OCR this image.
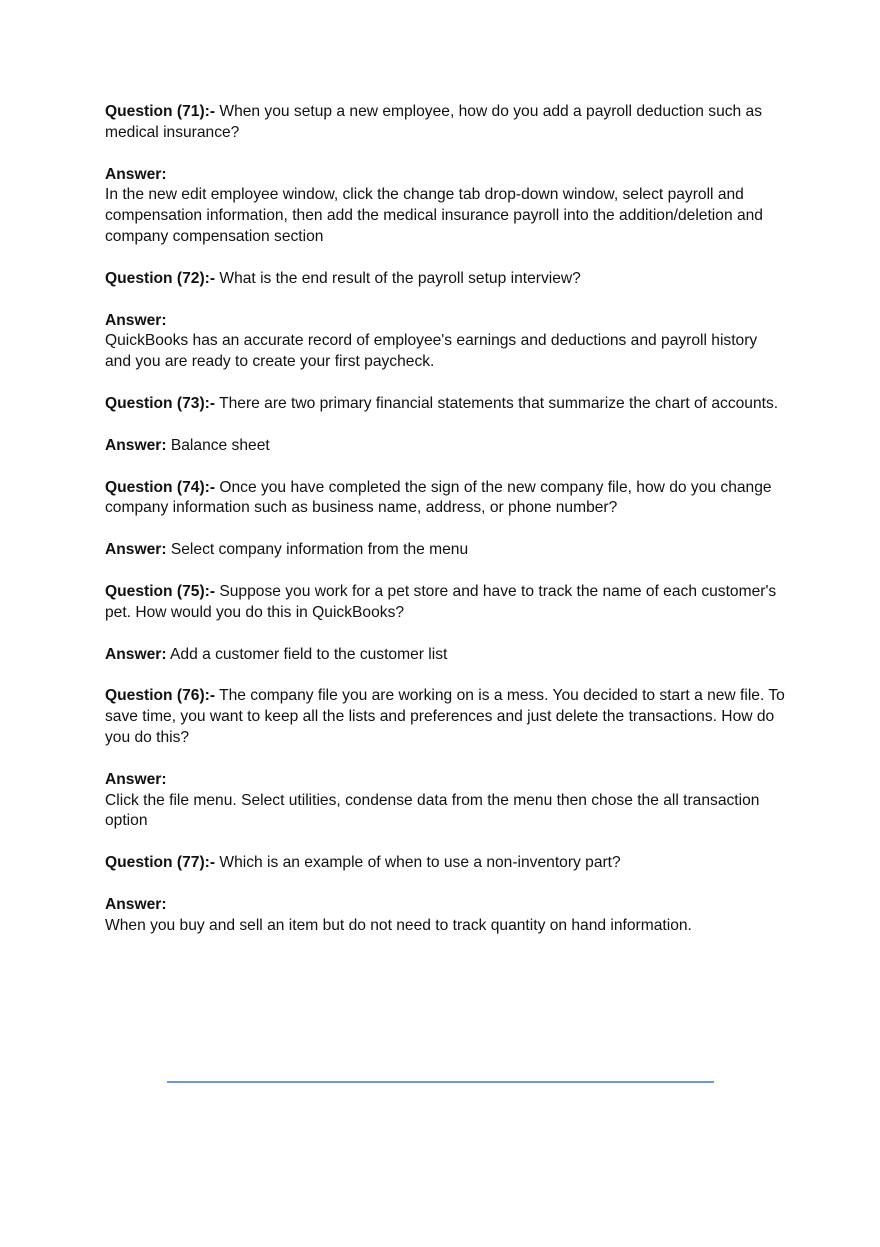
Question (71):- When you setup a new employee, how do you add a payroll deduction such as medical insurance?

Answer:

In the new edit employee window, click the change tab drop-down window, select payroll and compensation information, then add the medical insurance payroll into the addition/deletion and company compensation section

Question (72):- What is the end result of the payroll setup interview?

Answer:

QuickBooks has an accurate record of employee's earnings and deductions and payroll history and you are ready to create your first paycheck.

Question (73):- There are two primary financial statements that summarize the chart of accounts.

Answer: Balance sheet

Question (74):- Once you have completed the sign of the new company file, how do you change company information such as business name, address, or phone number?

Answer: Select company information from the menu

Question (75):- Suppose you work for a pet store and have to track the name of each customer's pet. How would you do this in QuickBooks?

Answer: Add a customer field to the customer list

Question (76):- The company file you are working on is a mess. You decided to start a new file. To save time, you want to keep all the lists and preferences and just delete the transactions. How do you do this?

Answer:

Click the file menu. Select utilities, condense data from the menu then chose the all transaction option

Question (77):- Which is an example of when to use a non-inventory part?

Answer:

When you buy and sell an item but do not need to track quantity on hand information.
